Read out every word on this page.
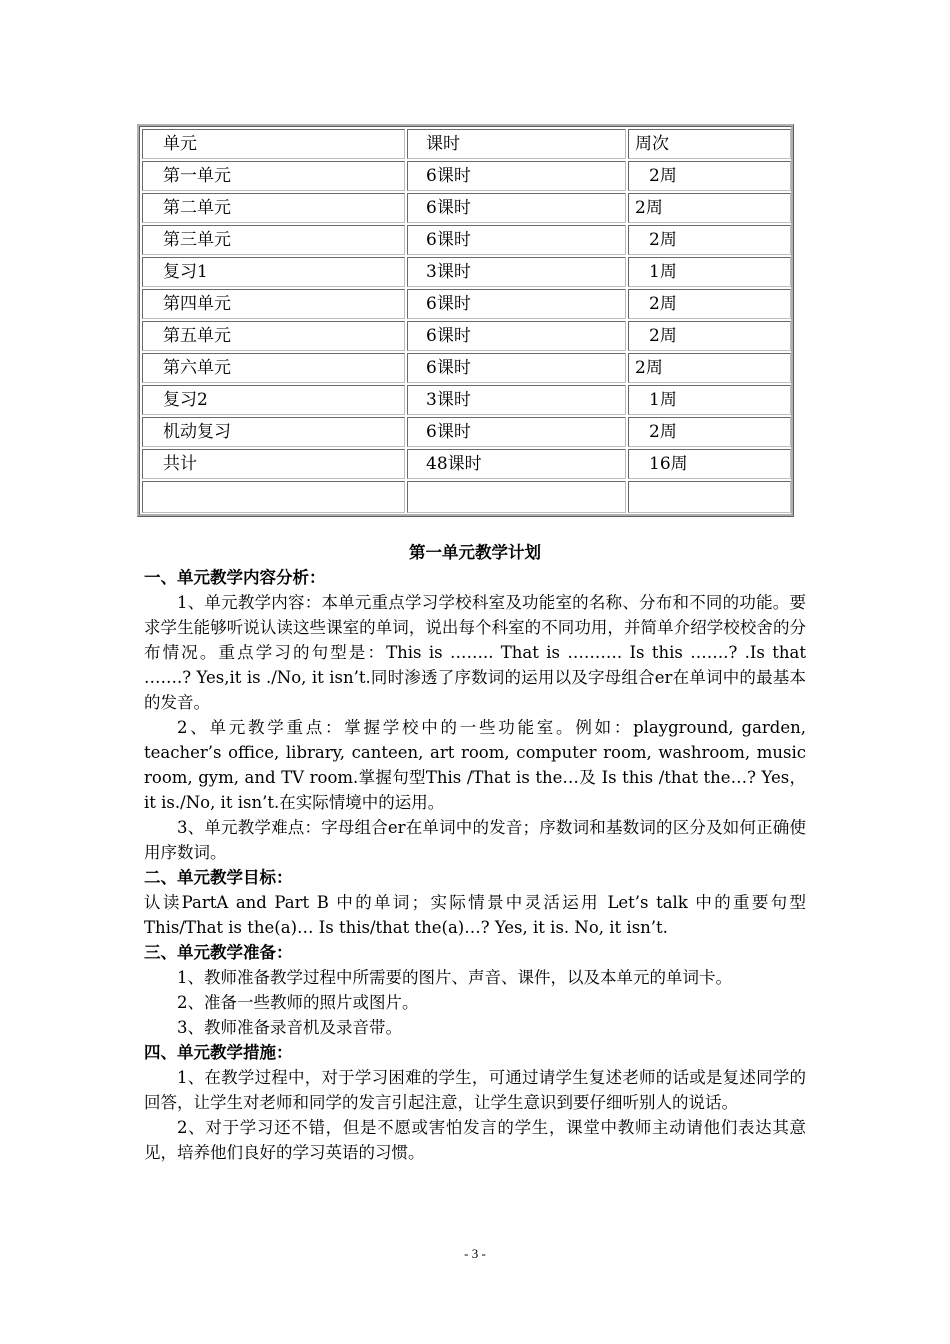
单元	课时	周次
第一单元	6课时	2周
第二单元	6课时	2周
第三单元	6课时	2周
复习1	3课时	1周
第四单元	6课时	2周
第五单元	6课时	2周
第六单元	6课时	2周
复习2	3课时	1周
机动复习	6课时	2周
共计	48课时	16周

第一单元教学计划

一、单元教学内容分析：

1、单元教学内容：本单元重点学习学校科室及功能室的名称、分布和不同的功能。要求学生能够听说认读这些课室的单词，说出每个科室的不同功用，并简单介绍学校校舍的分布情况。重点学习的句型是：This is …….. That is ………. Is this …….? .Is that …….? Yes,it is ./No, it isn’t.同时渗透了序数词的运用以及字母组合er在单词中的最基本的发音。

2、单元教学重点：掌握学校中的一些功能室。例如：playground, garden, teacher’s office, library, canteen, art room, computer room, washroom, music room, gym, and TV room.掌握句型This /That is the…及 Is this /that the…? Yes，it is./No, it isn’t.在实际情境中的运用。

3、单元教学难点：字母组合er在单词中的发音；序数词和基数词的区分及如何正确使用序数词。

二、单元教学目标：

认读PartA and Part B 中的单词；实际情景中灵活运用 Let’s talk 中的重要句型This/That is the(a)… Is this/that the(a)…? Yes, it is. No, it isn’t.

三、单元教学准备：

1、教师准备教学过程中所需要的图片、声音、课件，以及本单元的单词卡。

2、准备一些教师的照片或图片。

3、教师准备录音机及录音带。

四、单元教学措施：

1、在教学过程中，对于学习困难的学生，可通过请学生复述老师的话或是复述同学的回答，让学生对老师和同学的发言引起注意，让学生意识到要仔细听别人的说话。

2、对于学习还不错，但是不愿或害怕发言的学生，课堂中教师主动请他们表达其意见，培养他们良好的学习英语的习惯。

- 3 -
